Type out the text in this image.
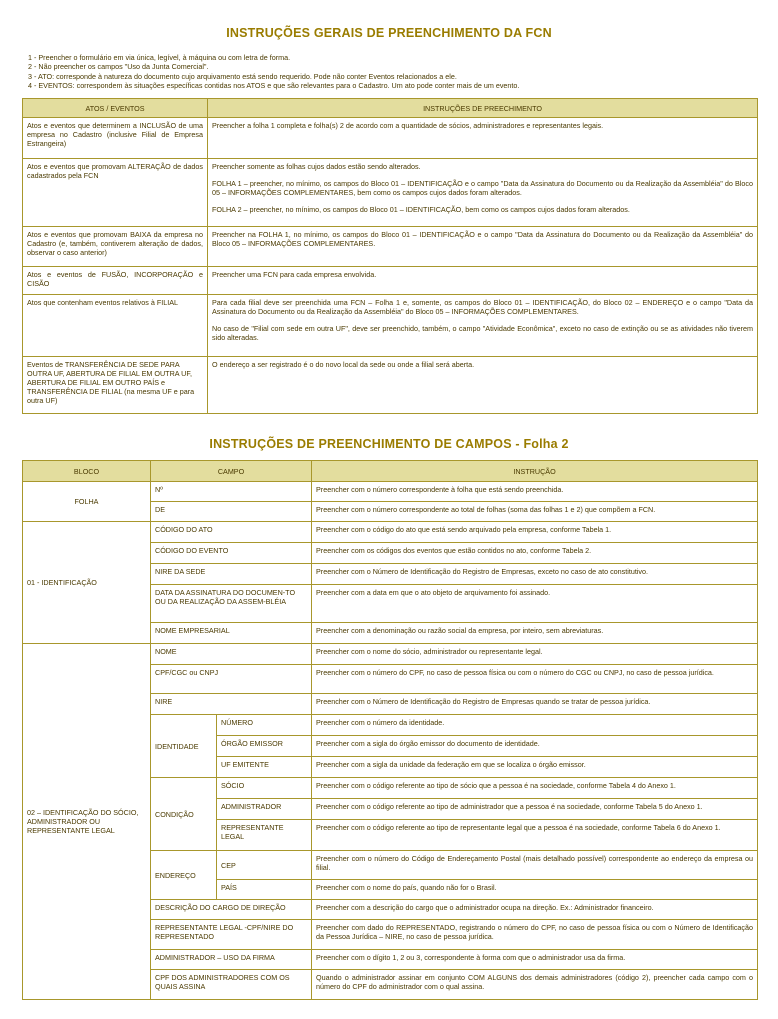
INSTRUÇÕES GERAIS DE PREENCHIMENTO DA FCN
1 - Preencher o formulário em via única, legível, à máquina ou com letra de forma.
2 - Não preencher os campos "Uso da Junta Comercial".
3 - ATO: corresponde à natureza do documento cujo arquivamento está sendo requerido. Pode não conter Eventos relacionados a ele.
4 - EVENTOS: correspondem às situações específicas contidas nos ATOS e que são relevantes para o Cadastro. Um ato pode conter mais de um evento.
ATOS / EVENTOS	INSTRUÇÕES DE PREECHIMENTO
Atos e eventos que determinem a INCLUSÃO de uma empresa no Cadastro (inclusive Filial de Empresa Estrangeira)	Preencher a folha 1 completa e folha(s) 2 de acordo com a quantidade de sócios, administradores e representantes legais.

Atos e eventos que promovam ALTERAÇÃO de dados cadastrados pela FCN	Preencher somente as folhas cujos dados estão sendo alterados.

FOLHA 1 – preencher, no mínimo, os campos do Bloco 01 – IDENTIFICAÇÃO e o campo "Data da Assinatura do Documento ou da Realização da Assembléia" do Bloco 05 – INFORMAÇÕES COMPLEMENTARES, bem como os campos cujos dados foram alterados.

FOLHA 2 – preencher, no mínimo, os campos do Bloco 01 – IDENTIFICAÇÃO, bem como os campos cujos dados foram alterados.

Atos e eventos que promovam BAIXA da empresa no Cadastro (e, também, contiverem alteração de dados, observar o caso anterior)	Preencher na FOLHA 1, no mínimo, os campos do Bloco 01 – IDENTIFICAÇÃO e o campo "Data da Assinatura do Documento ou da Realização da Assembléia" do Bloco 05 – INFORMAÇÕES COMPLEMENTARES.

Atos e eventos de FUSÃO, INCORPORAÇÃO e CISÃO	Preencher uma FCN para cada empresa envolvida.

Atos que contenham eventos relativos à FILIAL	Para cada filial deve ser preenchida uma FCN – Folha 1 e, somente, os campos do Bloco 01 – IDENTIFICAÇÃO, do Bloco 02 – ENDEREÇO e o campo "Data da Assinatura do Documento ou da Realização da Assembléia" do Bloco 05 – INFORMAÇÕES COMPLEMENTARES.

No caso de "Filial com sede em outra UF", deve ser preenchido, também, o campo "Atividade Econômica", exceto no caso de extinção ou se as atividades não tiverem sido alteradas.

Eventos de TRANSFERÊNCIA DE SEDE PARA OUTRA UF, ABERTURA DE FILIAL EM OUTRA UF, ABERTURA DE FILIAL EM OUTRO PAÍS e TRANSFERÊNCIA DE FILIAL (na mesma UF e para outra UF)	O endereço a ser registrado é o do novo local da sede ou onde a filial será aberta.

INSTRUÇÕES DE PREENCHIMENTO DE CAMPOS - Folha 2
BLOCO	CAMPO		INSTRUÇÃO
FOLHA	Nº		Preencher com o número correspondente à folha que está sendo preenchida.
	DE		Preencher com o número correspondente ao total de folhas (soma das folhas 1 e 2) que compõem a FCN.
01 - IDENTIFICAÇÃO	CÓDIGO DO ATO		Preencher com o código do ato que está sendo arquivado pela empresa, conforme Tabela 1.
	CÓDIGO DO EVENTO		Preencher com os códigos dos eventos que estão contidos no ato, conforme Tabela 2.
	NIRE DA SEDE		Preencher com o Número de Identificação do Registro de Empresas, exceto no caso de ato constitutivo.
	DATA DA ASSINATURA DO DOCUMEN-TO OU DA REALIZAÇÃO DA ASSEM-BLÉIA		Preencher com a data em que o ato objeto de arquivamento foi assinado.
	NOME EMPRESARIAL		Preencher com a denominação ou razão social da empresa, por inteiro, sem abreviaturas.
02 – IDENTIFICAÇÃO DO SÓCIO, ADMINISTRADOR OU REPRESENTANTE LEGAL	NOME		Preencher com o nome do sócio, administrador ou representante legal.
	CPF/CGC ou CNPJ		Preencher com o número do CPF, no caso de pessoa física ou com o número do CGC ou CNPJ, no caso de pessoa jurídica.
	NIRE		Preencher com o Número de Identificação do Registro de Empresas quando se tratar de pessoa jurídica.
	IDENTIDADE	NÚMERO	Preencher com o número da identidade.
		ÓRGÃO EMISSOR	Preencher com a sigla do órgão emissor do documento de identidade.
		UF EMITENTE	Preencher com a sigla da unidade da federação em que se localiza o órgão emissor.
	CONDIÇÃO	SÓCIO	Preencher com o código referente ao tipo de sócio que a pessoa é na sociedade, conforme Tabela 4 do Anexo 1.
		ADMINISTRADOR	Preencher com o código referente ao tipo de administrador que a pessoa é na sociedade, conforme Tabela 5 do Anexo 1.
		REPRESENTANTE LEGAL	Preencher com o código referente ao tipo de representante legal que a pessoa é na sociedade, conforme Tabela 6 do Anexo 1.
	ENDEREÇO	CEP	Preencher com o número do Código de Endereçamento Postal (mais detalhado possível) correspondente ao endereço da empresa ou filial.
		PAÍS	Preencher com o nome do país, quando não for o Brasil.
	DESCRIÇÃO DO CARGO DE DIREÇÃO		Preencher com a descrição do cargo que o administrador ocupa na direção. Ex.: Administrador financeiro.
	REPRESENTANTE LEGAL -CPF/NIRE DO REPRESENTADO		Preencher com dado do REPRESENTADO, registrando o número do CPF, no caso de pessoa física ou com o Número de Identificação da Pessoa Jurídica – NIRE, no caso de pessoa jurídica.
	ADMINISTRADOR – USO DA FIRMA		Preencher com o dígito 1, 2 ou 3, correspondente à forma com que o administrador usa da firma.
	CPF DOS ADMINISTRADORES COM OS QUAIS ASSINA		Quando o administrador assinar em conjunto COM ALGUNS dos demais administradores (código 2), preencher cada campo com o número do CPF do administrador com o qual assina.
